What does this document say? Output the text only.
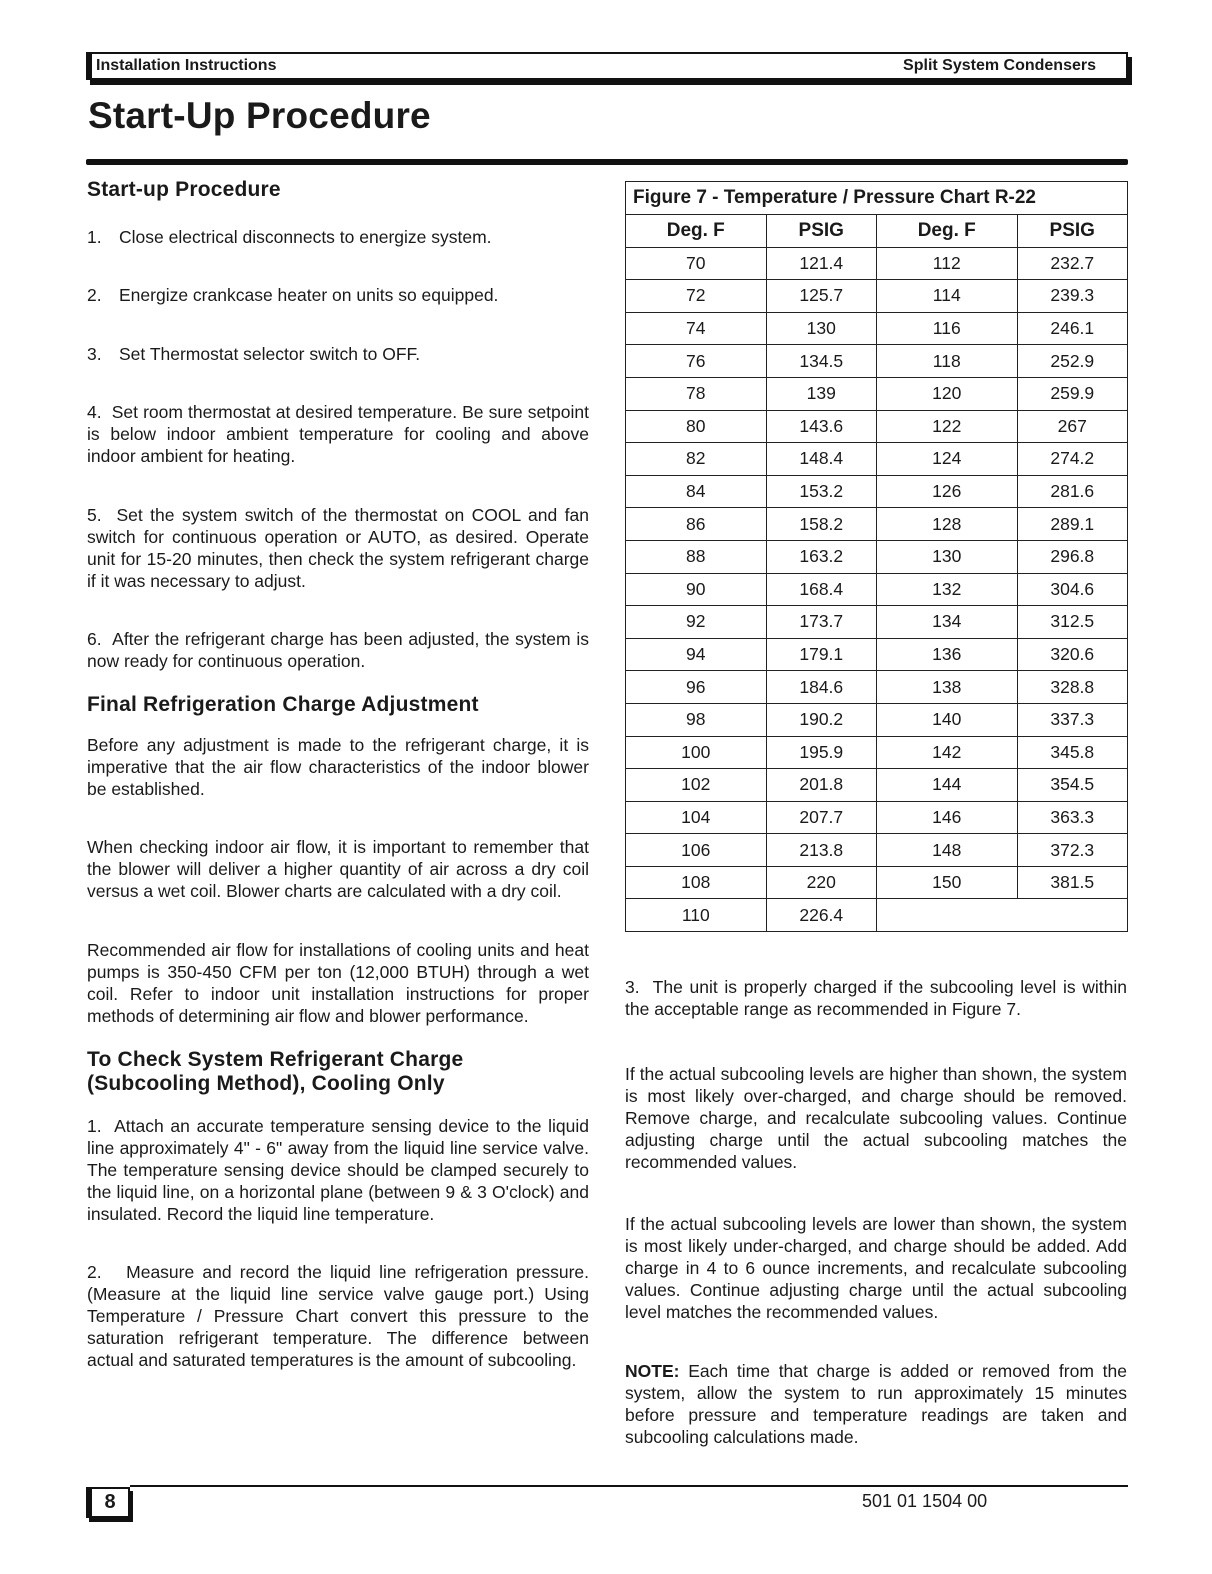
Installation Instructions	Split System Condensers
Start-Up Procedure
Start-up Procedure

1. Close electrical disconnects to energize system.

2. Energize crankcase heater on units so equipped.

3. Set Thermostat selector switch to OFF.

4. Set room thermostat at desired temperature. Be sure setpoint is below indoor ambient temperature for cooling and above indoor ambient for heating.

5. Set the system switch of the thermostat on COOL and fan switch for continuous operation or AUTO, as desired. Operate unit for 15-20 minutes, then check the system refrigerant charge if it was necessary to adjust.

6. After the refrigerant charge has been adjusted, the system is now ready for continuous operation.

Final Refrigeration Charge Adjustment

Before any adjustment is made to the refrigerant charge, it is imperative that the air flow characteristics of the indoor blower be established.

When checking indoor air flow, it is important to remember that the blower will deliver a higher quantity of air across a dry coil versus a wet coil. Blower charts are calculated with a dry coil.

Recommended air flow for installations of cooling units and heat pumps is 350-450 CFM per ton (12,000 BTUH) through a wet coil. Refer to indoor unit installation instructions for proper methods of determining air flow and blower performance.

To Check System Refrigerant Charge
(Subcooling Method), Cooling Only

1. Attach an accurate temperature sensing device to the liquid line approximately 4" - 6" away from the liquid line service valve. The temperature sensing device should be clamped securely to the liquid line, on a horizontal plane (between 9 & 3 O'clock) and insulated. Record the liquid line temperature.

2. Measure and record the liquid line refrigeration pressure. (Measure at the liquid line service valve gauge port.) Using Temperature / Pressure Chart convert this pressure to the saturation refrigerant temperature. The difference between actual and saturated temperatures is the amount of subcooling.

Figure 7 - Temperature / Pressure Chart R-22			
Deg. F	PSIG	Deg. F	PSIG
70	121.4	112	232.7
72	125.7	114	239.3
74	130	116	246.1
76	134.5	118	252.9
78	139	120	259.9
80	143.6	122	267
82	148.4	124	274.2
84	153.2	126	281.6
86	158.2	128	289.1
88	163.2	130	296.8
90	168.4	132	304.6
92	173.7	134	312.5
94	179.1	136	320.6
96	184.6	138	328.8
98	190.2	140	337.3
100	195.9	142	345.8
102	201.8	144	354.5
104	207.7	146	363.3
106	213.8	148	372.3
108	220	150	381.5
110	226.4		

3. The unit is properly charged if the subcooling level is within the acceptable range as recommended in Figure 7.

If the actual subcooling levels are higher than shown, the system is most likely over-charged, and charge should be removed. Remove charge, and recalculate subcooling values. Continue adjusting charge until the actual subcooling matches the recommended values.

If the actual subcooling levels are lower than shown, the system is most likely under-charged, and charge should be added. Add charge in 4 to 6 ounce increments, and recalculate subcooling values. Continue adjusting charge until the actual subcooling level matches the recommended values.

NOTE: Each time that charge is added or removed from the system, allow the system to run approximately 15 minutes before pressure and temperature readings are taken and subcooling calculations made.

8	501 01 1504 00
